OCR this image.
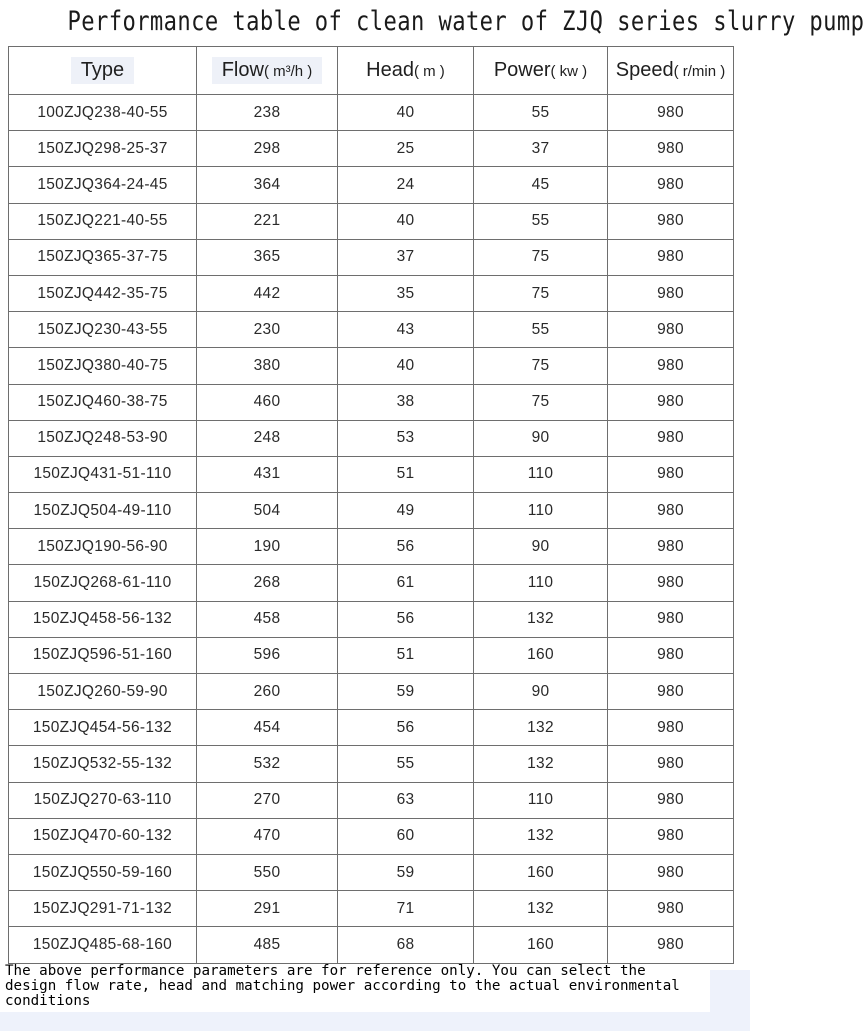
Performance table of clean water of ZJQ series slurry pump
Type	Flow( m³/h )	Head( m )	Power( kw )	Speed( r/min )
100ZJQ238-40-55	238	40	55	980
150ZJQ298-25-37	298	25	37	980
150ZJQ364-24-45	364	24	45	980
150ZJQ221-40-55	221	40	55	980
150ZJQ365-37-75	365	37	75	980
150ZJQ442-35-75	442	35	75	980
150ZJQ230-43-55	230	43	55	980
150ZJQ380-40-75	380	40	75	980
150ZJQ460-38-75	460	38	75	980
150ZJQ248-53-90	248	53	90	980
150ZJQ431-51-110	431	51	110	980
150ZJQ504-49-110	504	49	110	980
150ZJQ190-56-90	190	56	90	980
150ZJQ268-61-110	268	61	110	980
150ZJQ458-56-132	458	56	132	980
150ZJQ596-51-160	596	51	160	980
150ZJQ260-59-90	260	59	90	980
150ZJQ454-56-132	454	56	132	980
150ZJQ532-55-132	532	55	132	980
150ZJQ270-63-110	270	63	110	980
150ZJQ470-60-132	470	60	132	980
150ZJQ550-59-160	550	59	160	980
150ZJQ291-71-132	291	71	132	980
150ZJQ485-68-160	485	68	160	980
The above performance parameters are for reference only. You can select the design flow rate, head and matching power according to the actual environmental conditions
